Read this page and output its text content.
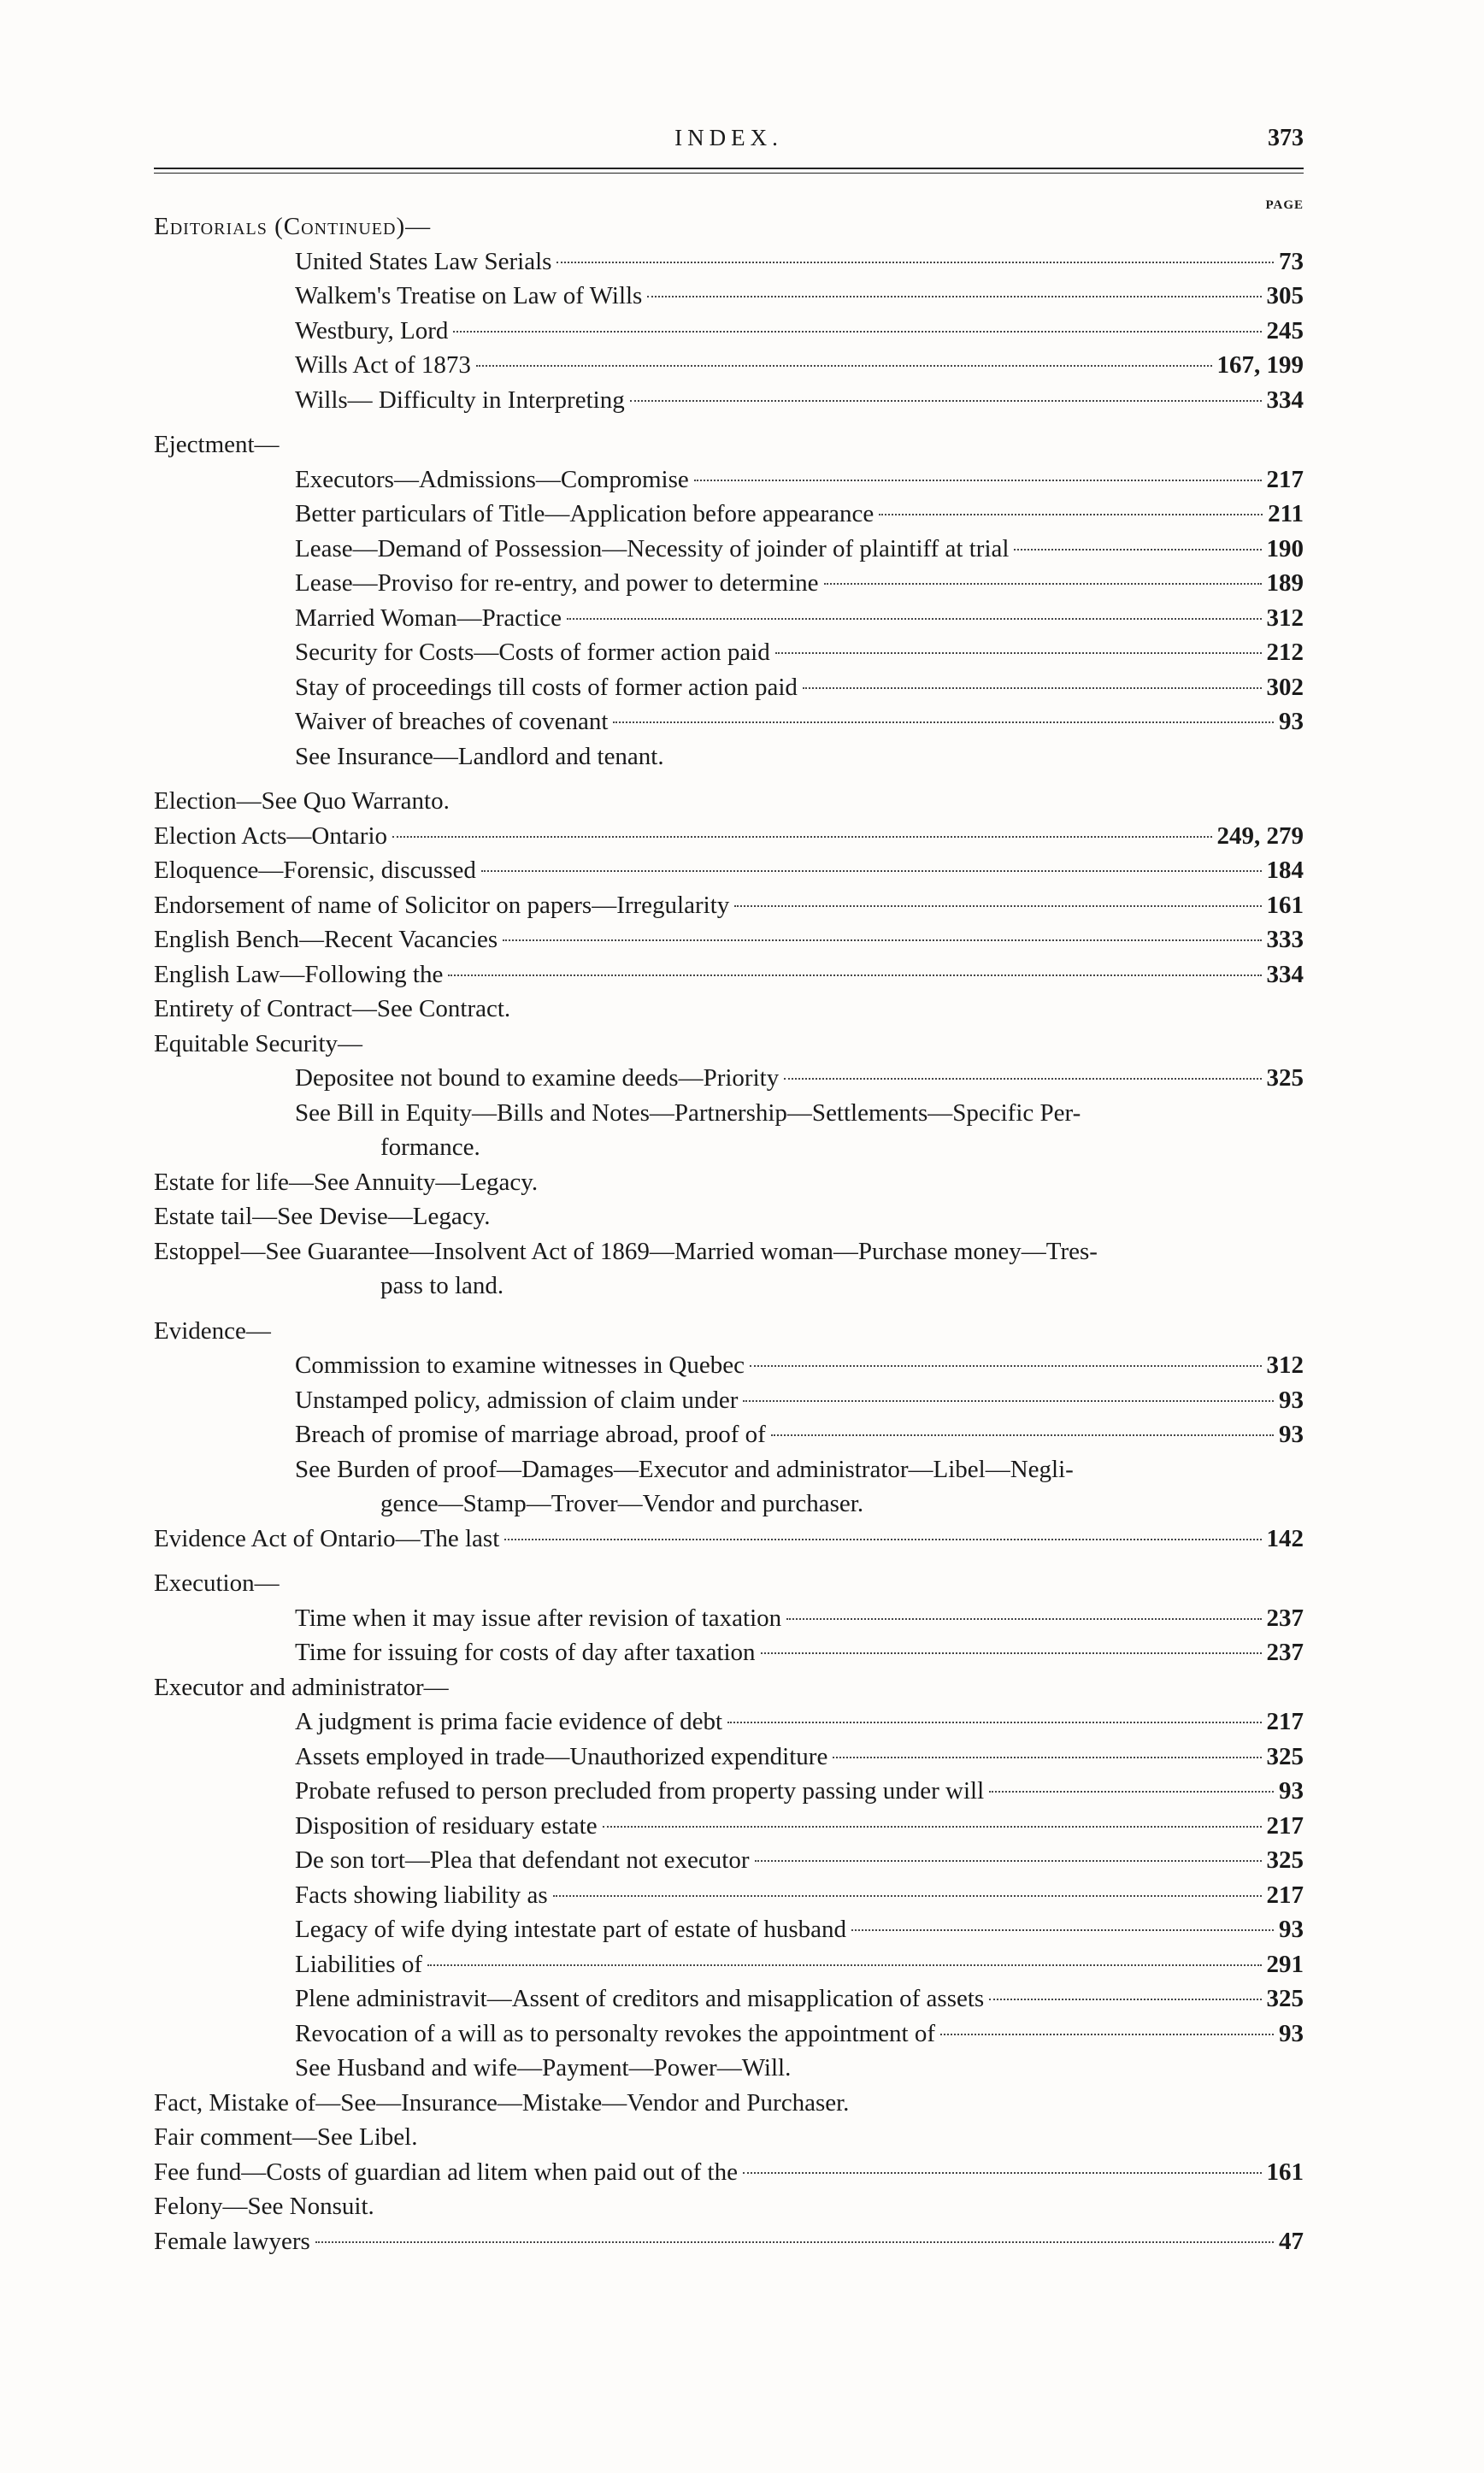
INDEX.	373
PAGE
Editorials (Continued)—
United States Law Serials	73
Walkem's Treatise on Law of Wills	305
Westbury, Lord	245
Wills Act of 1873	167, 199
Wills— Difficulty in Interpreting	334
Ejectment—
Executors—Admissions—Compromise	217
Better particulars of Title—Application before appearance	211
Lease—Demand of Possession—Necessity of joinder of plaintiff at trial	190
Lease—Proviso for re-entry, and power to determine	189
Married Woman—Practice	312
Security for Costs—Costs of former action paid	212
Stay of proceedings till costs of former action paid	302
Waiver of breaches of covenant	93
See Insurance—Landlord and tenant.
Election—See Quo Warranto.
Election Acts—Ontario	249, 279
Eloquence—Forensic, discussed	184
Endorsement of name of Solicitor on papers—Irregularity	161
English Bench—Recent Vacancies	333
English Law—Following the	334
Entirety of Contract—See Contract.
Equitable Security—
Depositee not bound to examine deeds—Priority	325
See Bill in Equity—Bills and Notes—Partnership—Settlements—Specific Per-
formance.
Estate for life—See Annuity—Legacy.
Estate tail—See Devise—Legacy.
Estoppel—See Guarantee—Insolvent Act of 1869—Married woman—Purchase money—Tres-
pass to land.
Evidence—
Commission to examine witnesses in Quebec	312
Unstamped policy, admission of claim under	93
Breach of promise of marriage abroad, proof of	93
See Burden of proof—Damages—Executor and administrator—Libel—Negli-
gence—Stamp—Trover—Vendor and purchaser.
Evidence Act of Ontario—The last	142
Execution—
Time when it may issue after revision of taxation	237
Time for issuing for costs of day after taxation	237
Executor and administrator—
A judgment is prima facie evidence of debt	217
Assets employed in trade—Unauthorized expenditure	325
Probate refused to person precluded from property passing under will	93
Disposition of residuary estate	217
De son tort—Plea that defendant not executor	325
Facts showing liability as	217
Legacy of wife dying intestate part of estate of husband	93
Liabilities of	291
Plene administravit—Assent of creditors and misapplication of assets	325
Revocation of a will as to personalty revokes the appointment of	93
See Husband and wife—Payment—Power—Will.
Fact, Mistake of—See—Insurance—Mistake—Vendor and Purchaser.
Fair comment—See Libel.
Fee fund—Costs of guardian ad litem when paid out of the	161
Felony—See Nonsuit.
Female lawyers	47
